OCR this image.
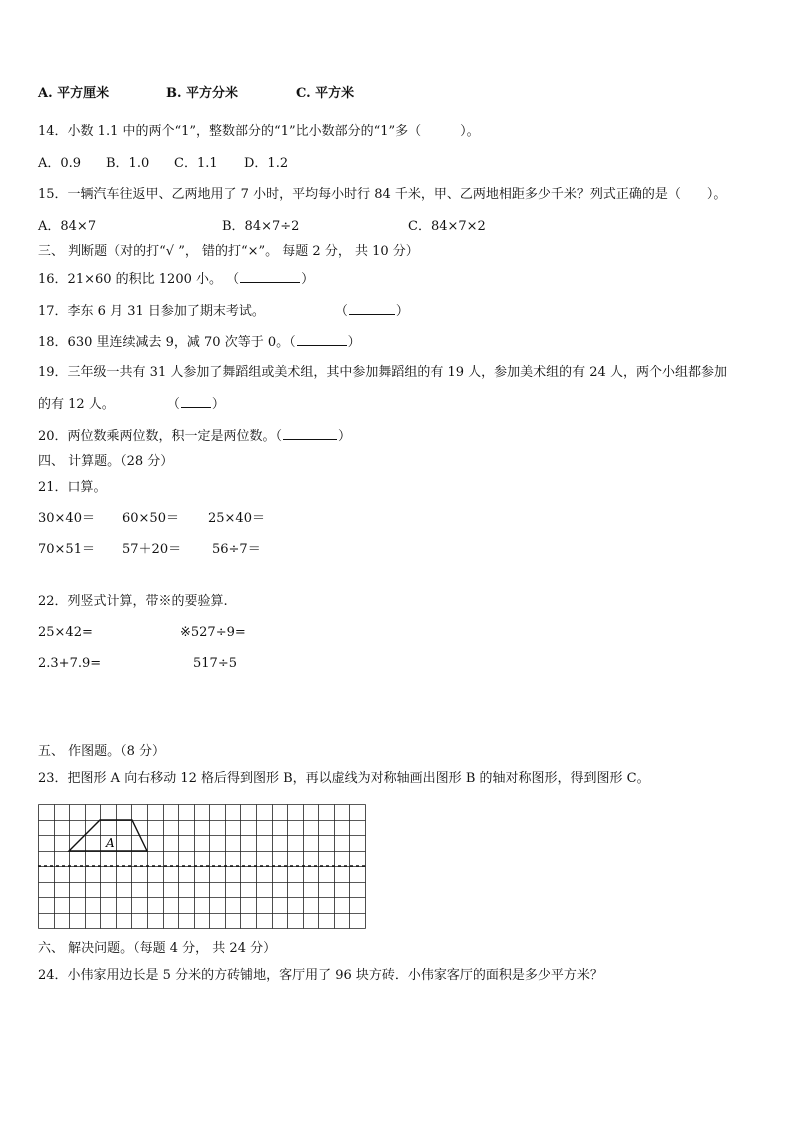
A. 平方厘米	B. 平方分米	C. 平方米
14．小数 1.1 中的两个“1”，整数部分的“1”比小数部分的“1”多（　　　）。
A．0.9 B．1.0 C．1.1 D．1.2
15．一辆汽车往返甲、乙两地用了 7 小时，平均每小时行 84 千米，甲、乙两地相距多少千米？列式正确的是（　　）。
A．84×7	B．84×7÷2	C．84×7×2
三、 判断题（对的打“√ ”， 错的打“×”。 每题 2 分， 共 10 分）
16．21×60 的积比 1200 小。 （	）
17．李东 6 月 31 日参加了期末考试。	（	）
18．630 里连续减去 9，减 70 次等于 0。（	）
19．三年级一共有 31 人参加了舞蹈组或美术组，其中参加舞蹈组的有 19 人，参加美术组的有 24 人，两个小组都参加
的有 12 人。	（ ）
20．两位数乘两位数，积一定是两位数。（	）
四、 计算题。（28 分）
21．口算。
30×40＝ 60×50＝ 25×40＝
70×51＝ 57＋20＝ 56÷7＝
22．列竖式计算，带※的要验算.
25×42=	※527÷9=
2.3+7.9=	517÷5
五、 作图题。（8 分）
23．把图形 A 向右移动 12 格后得到图形 B，再以虚线为对称轴画出图形 B 的轴对称图形，得到图形 C。
A
六、 解决问题。（每题 4 分， 共 24 分）
24．小伟家用边长是 5 分米的方砖铺地，客厅用了 96 块方砖．小伟家客厅的面积是多少平方米？
